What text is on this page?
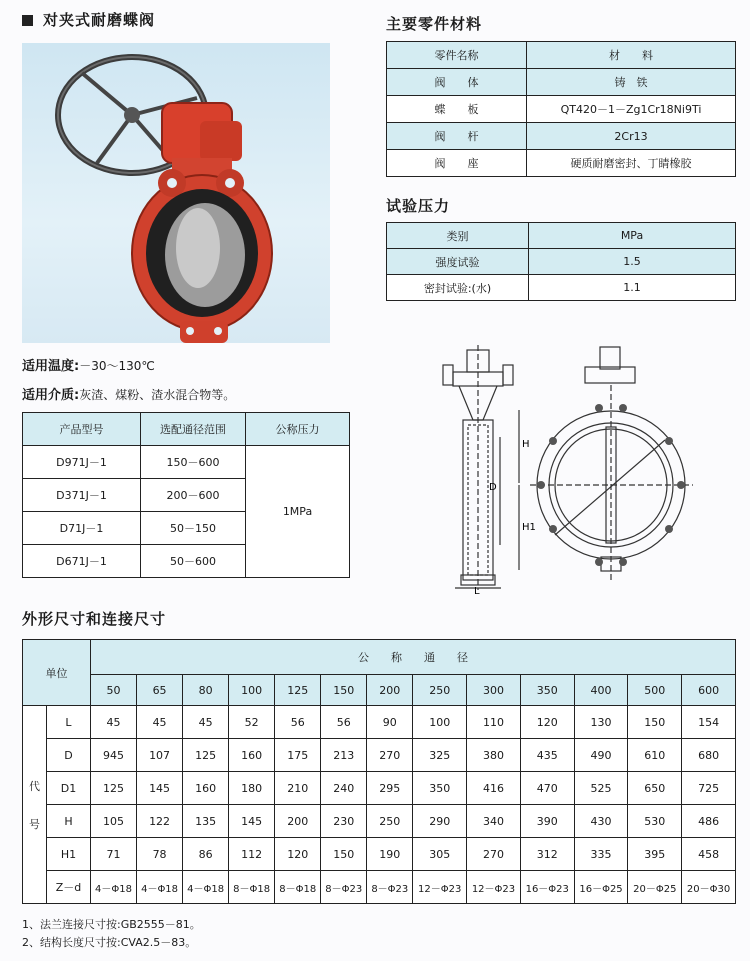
对夹式耐磨蝶阀	主要零件材料
零件名称	材　　料
阀　　体	铸　铁
蝶　　板	QT420－1－Zg1Cr18Ni9Ti
阀　　杆	2Cr13
阀　　座	硬质耐磨密封、丁睛橡胶
试验压力
类别	MPa
强度试验	1.5
密封试验:(水)	1.1
适用温度:－30～130℃
适用介质:灰渣、煤粉、渣水混合物等。
产品型号	选配通径范围	公称压力
D971J－1	150－600	1MPa
D371J－1	200－600	
D71J－1	50－150	
D671J－1	50－600	
H
D
H1
L
外形尺寸和连接尺寸
单位		公　　称　　通　　径												
		50	65	80	100	125	150	200	250	300	350	400	500	600

代
号	L	45	45	45	52	56	56	90	100	110	120	130	150	154
	D	945	107	125	160	175	213	270	325	380	435	490	610	680
	D1	125	145	160	180	210	240	295	350	416	470	525	650	725
	H	105	122	135	145	200	230	250	290	340	390	430	530	486
	H1	71	78	86	112	120	150	190	305	270	312	335	395	458
	Z－d	4－Φ18	4－Φ18	4－Φ18	8－Φ18	8－Φ18	8－Φ23	8－Φ23	12－Φ23	12－Φ23	16－Φ23	16－Φ25	20－Φ25	20－Φ30
1、法兰连接尺寸按:GB2555－81。
2、结构长度尺寸按:CVA2.5－83。
